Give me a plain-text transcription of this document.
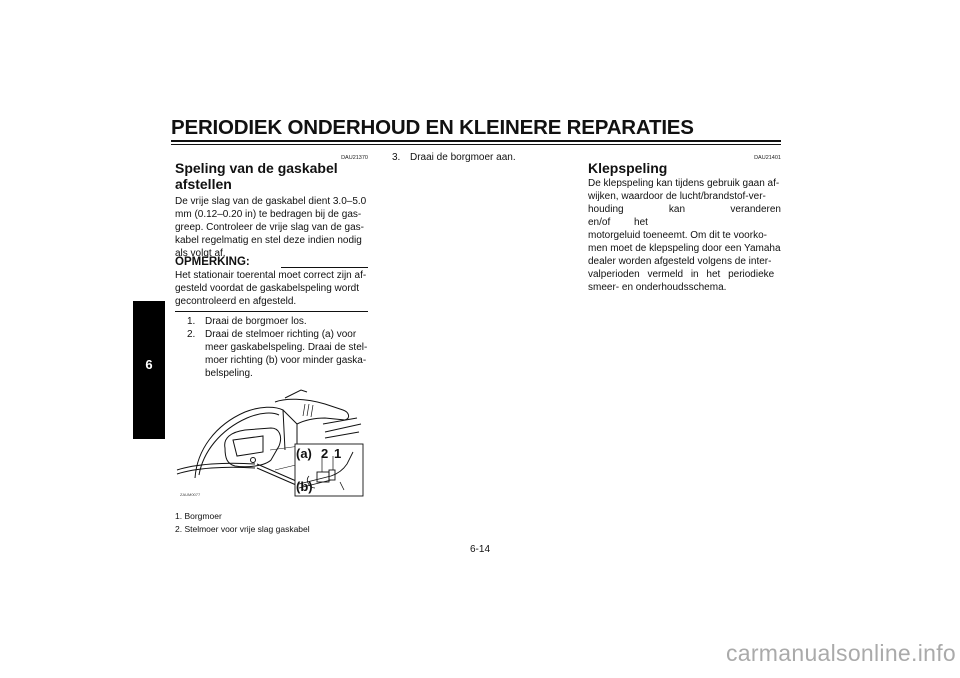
PERIODIEK ONDERHOUD EN KLEINERE REPARATIES
6
DAU21370
Speling van de gaskabel
afstellen
De vrije slag van de gaskabel dient 3.0–5.0
mm (0.12–0.20 in) te bedragen bij de gas-
greep. Controleer de vrije slag van de gas-
kabel regelmatig en stel deze indien nodig
als volgt af.
OPMERKING:
Het stationair toerental moet correct zijn af-
gesteld voordat de gaskabelspeling wordt
gecontroleerd en afgesteld.
1. Draai de borgmoer los.
2. Draai de stelmoer richting (a) voor
meer gaskabelspeling. Draai de stel-
moer richting (b) voor minder gaska-
belspeling.
(a) 2 1
(b)
ZAUM0077
1. Borgmoer
2. Stelmoer voor vrije slag gaskabel
3. Draai de borgmoer aan.	DAU21401
Klepspeling
De klepspeling kan tijdens gebruik gaan af-
wijken, waardoor de lucht/brandstof-ver-
houding kan veranderen en/of het
motorgeluid toeneemt. Om dit te voorko-
men moet de klepspeling door een Yamaha
dealer worden afgesteld volgens de inter-
valperioden vermeld in het periodieke
smeer- en onderhoudsschema.
6-14
carmanualsonline.info
